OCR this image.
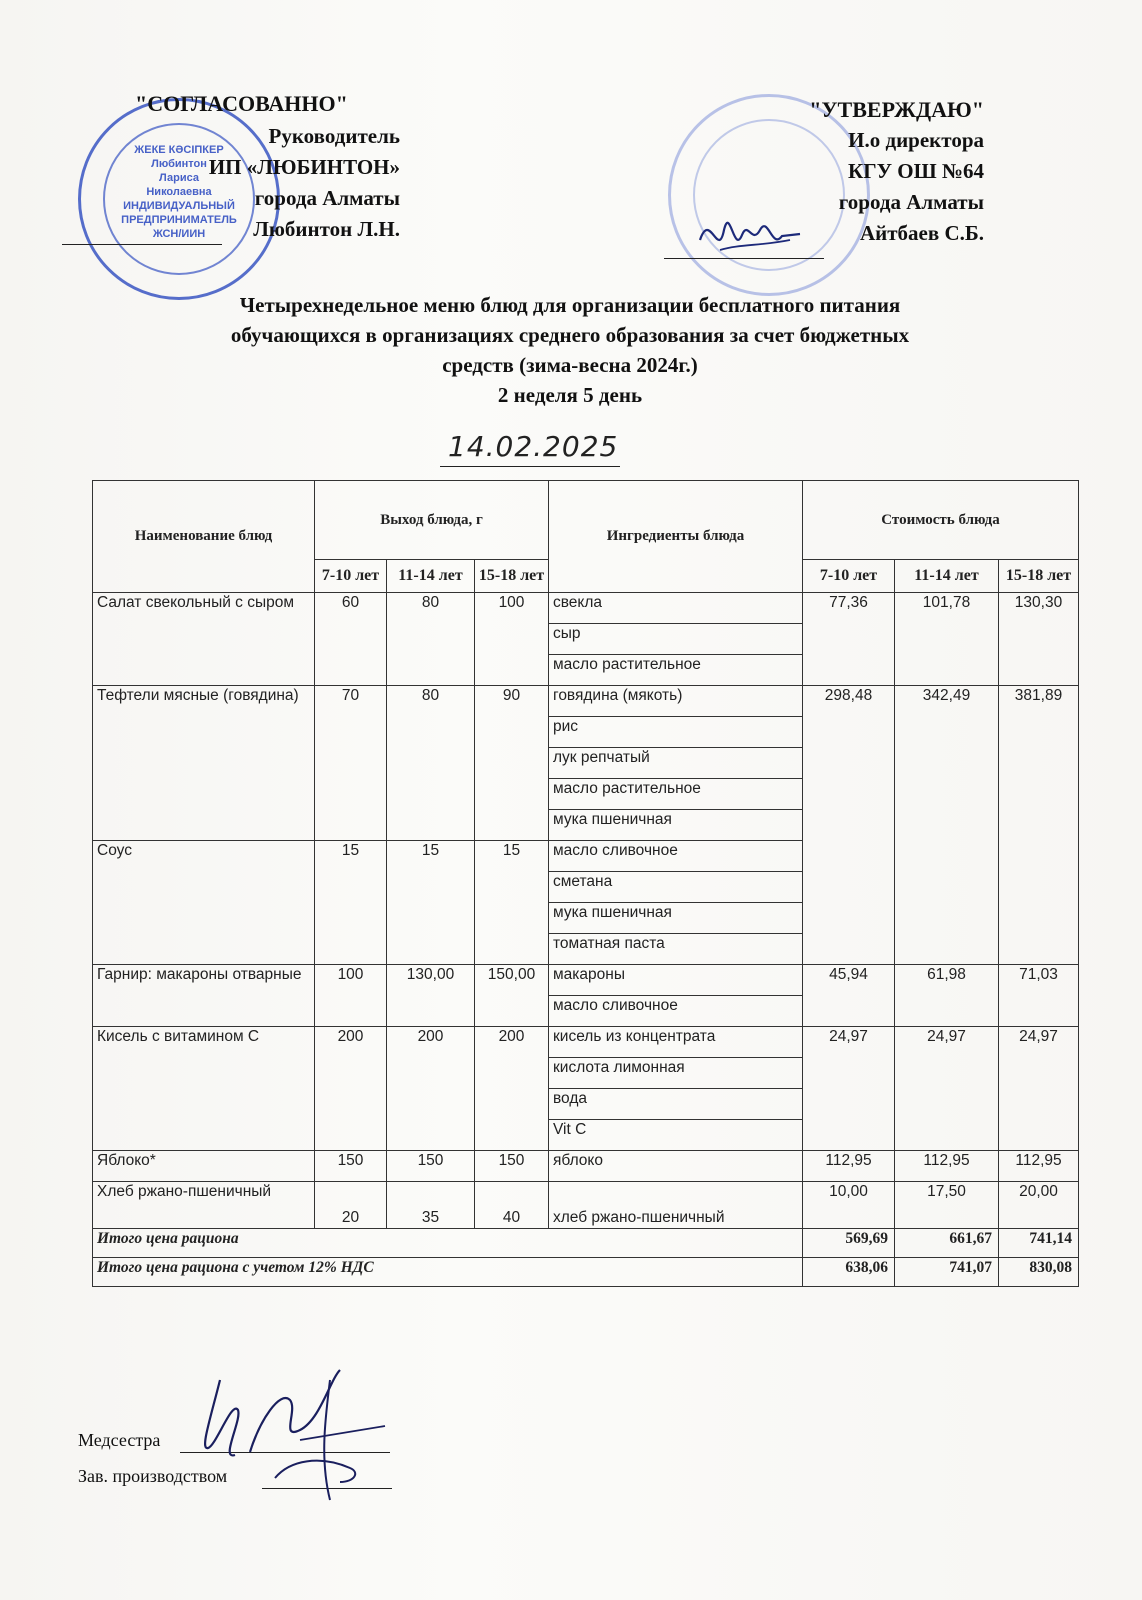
ЖЕКЕ КӘСІПКЕР
Любинтон
Лариса
Николаевна
ИНДИВИДУАЛЬНЫЙ
ПРЕДПРИНИМАТЕЛЬ
ЖСН/ИИН
"СОГЛАСОВАННО"
Руководитель
ИП «ЛЮБИНТОН»
города Алматы
Любинтон Л.Н.
"УТВЕРЖДАЮ"
И.о директора
КГУ ОШ №64
города Алматы
Айтбаев С.Б.
Четырехнедельное меню блюд для организации бесплатного питания
обучающихся в организациях среднего образования за счет бюджетных
средств (зима-весна 2024г.)
2 неделя 5 день
14.02.2025
Наименование блюд	Выход блюда, г			Ингредиенты блюда	Стоимость блюда		
	7-10 лет	11-14 лет	15-18 лет		7-10 лет	11-14 лет	15-18 лет
Салат свекольный с сыром	60	80	100	свекла	77,36	101,78	130,30
				сыр			
				масло растительное			
Тефтели мясные (говядина)	70	80	90	говядина (мякоть)	298,48	342,49	381,89
				рис			
				лук репчатый			
				масло растительное			
				мука пшеничная			
Соус	15	15	15	масло сливочное			
				сметана			
				мука пшеничная			
				томатная паста			
Гарнир: макароны отварные	100	130,00	150,00	макароны	45,94	61,98	71,03
				масло сливочное			
Кисель с витамином С	200	200	200	кисель из концентрата	24,97	24,97	24,97
				кислота лимонная			
				вода			
				Vit C			
Яблоко*	150	150	150	яблоко	112,95	112,95	112,95
Хлеб ржано-пшеничный	20	35	40	хлеб ржано-пшеничный	10,00	17,50	20,00
Итого цена рациона					569,69	661,67	741,14
Итого цена рациона с учетом 12% НДС					638,06	741,07	830,08
Медсестра
Зав. производством
